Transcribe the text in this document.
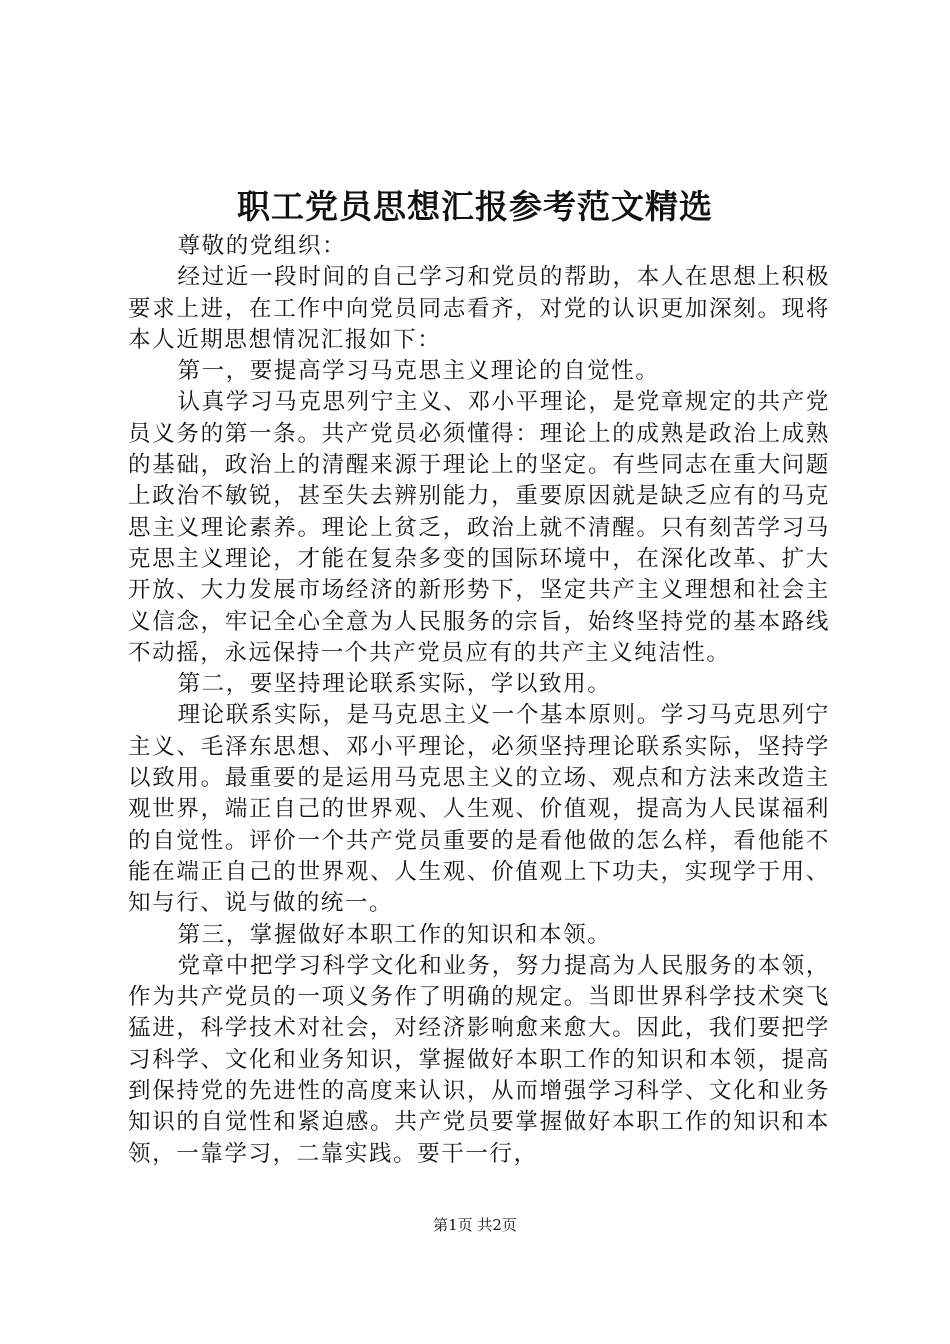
职工党员思想汇报参考范文精选

尊敬的党组织：

经过近一段时间的自己学习和党员的帮助，本人在思想上积极要求上进，在工作中向党员同志看齐，对党的认识更加深刻。现将本人近期思想情况汇报如下：

第一，要提高学习马克思主义理论的自觉性。

认真学习马克思列宁主义、邓小平理论，是党章规定的共产党员义务的第一条。共产党员必须懂得：理论上的成熟是政治上成熟的基础，政治上的清醒来源于理论上的坚定。有些同志在重大问题上政治不敏锐，甚至失去辨别能力，重要原因就是缺乏应有的马克思主义理论素养。理论上贫乏，政治上就不清醒。只有刻苦学习马克思主义理论，才能在复杂多变的国际环境中，在深化改革、扩大开放、大力发展市场经济的新形势下，坚定共产主义理想和社会主义信念，牢记全心全意为人民服务的宗旨，始终坚持党的基本路线不动摇，永远保持一个共产党员应有的共产主义纯洁性。

第二，要坚持理论联系实际，学以致用。

理论联系实际，是马克思主义一个基本原则。学习马克思列宁主义、毛泽东思想、邓小平理论，必须坚持理论联系实际，坚持学以致用。最重要的是运用马克思主义的立场、观点和方法来改造主观世界，端正自己的世界观、人生观、价值观，提高为人民谋福利的自觉性。评价一个共产党员重要的是看他做的怎么样，看他能不能在端正自己的世界观、人生观、价值观上下功夫，实现学于用、知与行、说与做的统一。

第三，掌握做好本职工作的知识和本领。

党章中把学习科学文化和业务，努力提高为人民服务的本领，作为共产党员的一项义务作了明确的规定。当即世界科学技术突飞猛进，科学技术对社会，对经济影响愈来愈大。因此，我们要把学习科学、文化和业务知识，掌握做好本职工作的知识和本领，提高到保持党的先进性的高度来认识，从而增强学习科学、文化和业务知识的自觉性和紧迫感。共产党员要掌握做好本职工作的知识和本领，一靠学习，二靠实践。要干一行，

第1页 共2页
